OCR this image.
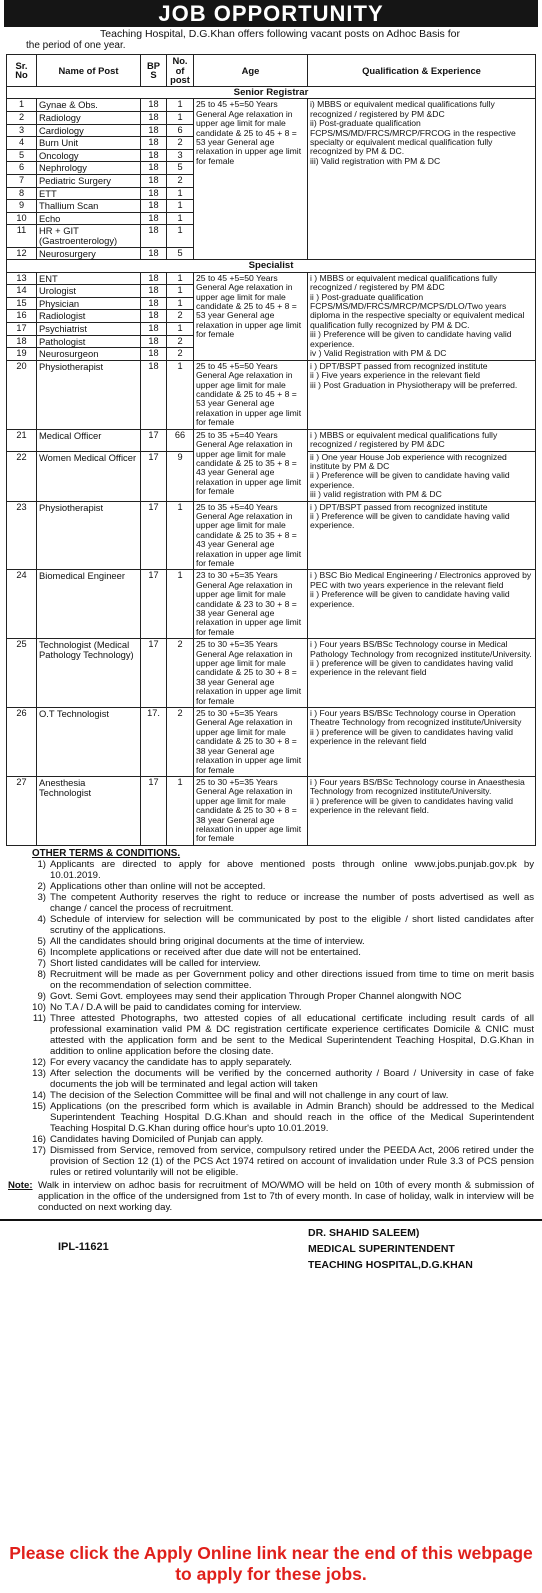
JOB OPPORTUNITY
Teaching Hospital, D.G.Khan offers following vacant posts on Adhoc Basis for
the period of one year.
Sr. No	Name of Post	BP S	No. of post	Age	Qualification & Experience
Senior Registrar					
1	Gynae & Obs.	18	1	25 to 45 +5=50 Years General Age relaxation in upper age limit for male candidate & 25 to 45 + 8 = 53 year General age relaxation in upper age limit for female	i) MBBS or equivalent medical qualifications fully recognized / registered by PM &DC
ii) Post-graduate qualification FCPS/MS/MD/FRCS/MRCP/FRCOG in the respective specialty or equivalent medical qualification fully recognized by PM & DC.
iii) Valid registration with PM & DC
2	Radiology	18	1		
3	Cardiology	18	6		
4	Burn Unit	18	2		
5	Oncology	18	3		
6	Nephrology	18	5		
7	Pediatric Surgery	18	2		
8	ETT	18	1		
9	Thallium Scan	18	1		
10	Echo	18	1		
11	HR + GIT (Gastroenterology)	18	1		
12	Neurosurgery	18	5		
Specialist					
13	ENT	18	1	25 to 45 +5=50 Years General Age relaxation in upper age limit for male candidate & 25 to 45 + 8 = 53 year General age relaxation in upper age limit for female	i ) MBBS or equivalent medical qualifications fully recognized / registered by PM &DC
ii ) Post-graduate qualification FCPS/MS/MD/FRCS/MRCP/MCPS/DLO/Two years diploma in the respective specialty or equivalent medical qualification fully recognized by PM & DC.
iii ) Preference will be given to candidate having valid experience.
iv ) Valid Registration with PM & DC
14	Urologist	18	1		
15	Physician	18	1		
16	Radiologist	18	2		
17	Psychiatrist	18	1		
18	Pathologist	18	2		
19	Neurosurgeon	18	2		
20	Physiotherapist	18	1	25 to 45 +5=50 Years General Age relaxation in upper age limit for male candidate & 25 to 45 + 8 = 53 year General age relaxation in upper age limit for female	i ) DPT/BSPT passed from recognized institute
ii ) Five years experience in the relevant field
iii ) Post Graduation in Physiotherapy will be preferred.
21	Medical Officer	17	66	25 to 35 +5=40 Years General Age relaxation in upper age limit for male candidate & 25 to 35 + 8 = 43 year General age relaxation in upper age limit for female	i ) MBBS or equivalent medical qualifications fully recognized / registered by PM &DC
22	Women Medical Officer	17	9		ii ) One year House Job experience with recognized institute by PM & DC
ii ) Preference will be given to candidate having valid experience.
iii ) valid registration with PM & DC
23	Physiotherapist	17	1	25 to 35 +5=40 Years General Age relaxation in upper age limit for male candidate & 25 to 35 + 8 = 43 year General age relaxation in upper age limit for female	i ) DPT/BSPT passed from recognized institute
ii ) Preference will be given to candidate having valid experience.
24	Biomedical Engineer	17	1	23 to 30 +5=35 Years General Age relaxation in upper age limit for male candidate & 23 to 30 + 8 = 38 year General age relaxation in upper age limit for female	i ) BSC Bio Medical Engineering / Electronics approved by PEC with two years experience in the relevant field
ii ) Preference will be given to candidate having valid experience.
25	Technologist (Medical Pathology Technology)	17	2	25 to 30 +5=35 Years General Age relaxation in upper age limit for male candidate & 25 to 30 + 8 = 38 year General age relaxation in upper age limit for female	i ) Four years BS/BSc Technology course in Medical Pathology Technology from recognized institute/University.
ii ) preference will be given to candidates having valid experience in the relevant field
26	O.T Technologist	17.	2	25 to 30 +5=35 Years General Age relaxation in upper age limit for male candidate & 25 to 30 + 8 = 38 year General age relaxation in upper age limit for female	i ) Four years BS/BSc Technology course in Operation Theatre Technology from recognized institute/University
ii ) preference will be given to candidates having valid experience in the relevant field
27	Anesthesia Technologist	17	1	25 to 30 +5=35 Years General Age relaxation in upper age limit for male candidate & 25 to 30 + 8 = 38 year General age relaxation in upper age limit for female	i ) Four years BS/BSc Technology course in Anaesthesia Technology from recognized institute/University.
ii ) preference will be given to candidates having valid experience in the relevant field.
OTHER TERMS & CONDITIONS.
1) Applicants are directed to apply for above mentioned posts through online www.jobs.punjab.gov.pk by 10.01.2019.
2) Applications other than online will not be accepted.
3) The competent Authority reserves the right to reduce or increase the number of posts advertised as well as change / cancel the process of recruitment.
4) Schedule of interview for selection will be communicated by post to the eligible / short listed candidates after scrutiny of the applications.
5) All the candidates should bring original documents at the time of interview.
6) Incomplete applications or received after due date will not be entertained.
7) Short listed candidates will be called for interview.
8) Recruitment will be made as per Government policy and other directions issued from time to time on merit basis on the recommendation of selection committee.
9) Govt. Semi Govt. employees may send their application Through Proper Channel alongwith NOC
10) No T.A / D.A will be paid to candidates coming for interview.
11) Three attested Photographs, two attested copies of all educational certificate including result cards of all professional examination valid PM & DC registration certificate experience certificates Domicile & CNIC must attested with the application form and be sent to the Medical Superintendent Teaching Hospital, D.G.Khan in addition to online application before the closing date.
12) For every vacancy the candidate has to apply separately.
13) After selection the documents will be verified by the concerned authority / Board / University in case of fake documents the job will be terminated and legal action will taken
14) The decision of the Selection Committee will be final and will not challenge in any court of law.
15) Applications (on the prescribed form which is available in Admin Branch) should be addressed to the Medical Superintendent Teaching Hospital D.G.Khan and should reach in the office of the Medical Superintendent Teaching Hospital D.G.Khan during office hour's upto 10.01.2019.
16) Candidates having Domiciled of Punjab can apply.
17) Dismissed from Service, removed from service, compulsory retired under the PEEDA Act, 2006 retired under the provision of Section 12 (1) of the PCS Act 1974 retired on account of invalidation under Rule 3.3 of PCS pension rules or retired voluntarily will not be eligible.
Note: Walk in interview on adhoc basis for recruitment of MO/WMO will be held on 10th of every month & submission of application in the office of the undersigned from 1st to 7th of every month. In case of holiday, walk in interview will be conducted on next working day.
IPL-11621
DR. SHAHID SALEEM)
MEDICAL SUPERINTENDENT
TEACHING HOSPITAL,D.G.KHAN
Please click the Apply Online link near the end of this webpage to apply for these jobs.
